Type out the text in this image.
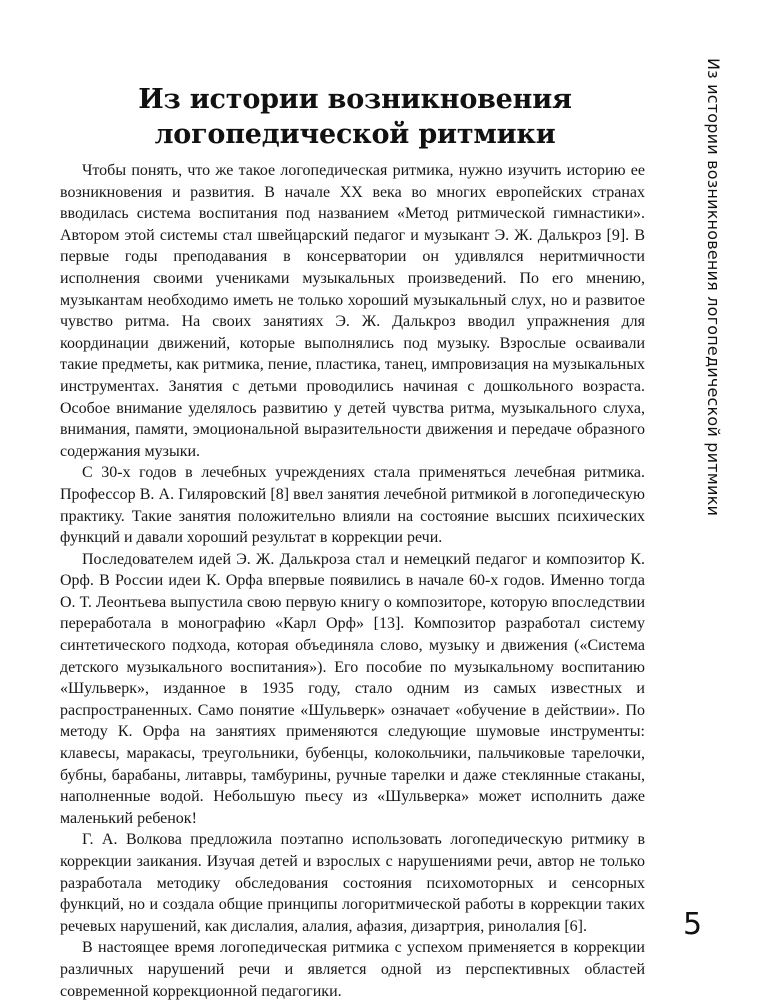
Из истории возникновения
логопедической ритмики

Чтобы понять, что же такое логопедическая ритмика, нужно изучить историю ее возникновения и развития. В начале XX века во многих европейских странах вводилась система воспитания под названием «Метод ритмической гимнастики». Автором этой системы стал швейцарский педагог и музыкант Э. Ж. Далькроз [9]. В первые годы преподавания в консерватории он удивлялся неритмичности исполнения своими учениками музыкальных произведений. По его мнению, музыкантам необходимо иметь не только хороший музыкальный слух, но и развитое чувство ритма. На своих занятиях Э. Ж. Далькроз вводил упражнения для координации движений, которые выполнялись под музыку. Взрослые осваивали такие предметы, как ритмика, пение, пластика, танец, импровизация на музыкальных инструментах. Занятия с детьми проводились начиная с дошкольного возраста. Особое внимание уделялось развитию у детей чувства ритма, музыкального слуха, внимания, памяти, эмоциональной выразительности движения и передаче образного содержания музыки.

С 30-х годов в лечебных учреждениях стала применяться лечебная ритмика. Профессор В. А. Гиляровский [8] ввел занятия лечебной ритмикой в логопедическую практику. Такие занятия положительно влияли на состояние высших психических функций и давали хороший результат в коррекции речи.

Последователем идей Э. Ж. Далькроза стал и немецкий педагог и композитор К. Орф. В России идеи К. Орфа впервые появились в начале 60-х годов. Именно тогда О. Т. Леонтьева выпустила свою первую книгу о композиторе, которую впоследствии переработала в монографию «Карл Орф» [13]. Композитор разработал систему синтетического подхода, которая объединяла слово, музыку и движения («Система детского музыкального воспитания»). Его пособие по музыкальному воспитанию «Шульверк», изданное в 1935 году, стало одним из самых известных и распространенных. Само понятие «Шульверк» означает «обучение в действии». По методу К. Орфа на занятиях применяются следующие шумовые инструменты: клавесы, маракасы, треугольники, бубенцы, колокольчики, пальчиковые тарелочки, бубны, барабаны, литавры, тамбурины, ручные тарелки и даже стеклянные стаканы, наполненные водой. Небольшую пьесу из «Шульверка» может исполнить даже маленький ребенок!

Г. А. Волкова предложила поэтапно использовать логопедическую ритмику в коррекции заикания. Изучая детей и взрослых с нарушениями речи, автор не только разработала методику обследования состояния психомоторных и сенсорных функций, но и создала общие принципы логоритмической работы в коррекции таких речевых нарушений, как дислалия, алалия, афазия, дизартрия, ринолалия [6].

В настоящее время логопедическая ритмика с успехом применяется в коррекции различных нарушений речи и является одной из перспективных областей современной коррекционной педагогики.

Из истории возникновения логопедической ритмики
5
